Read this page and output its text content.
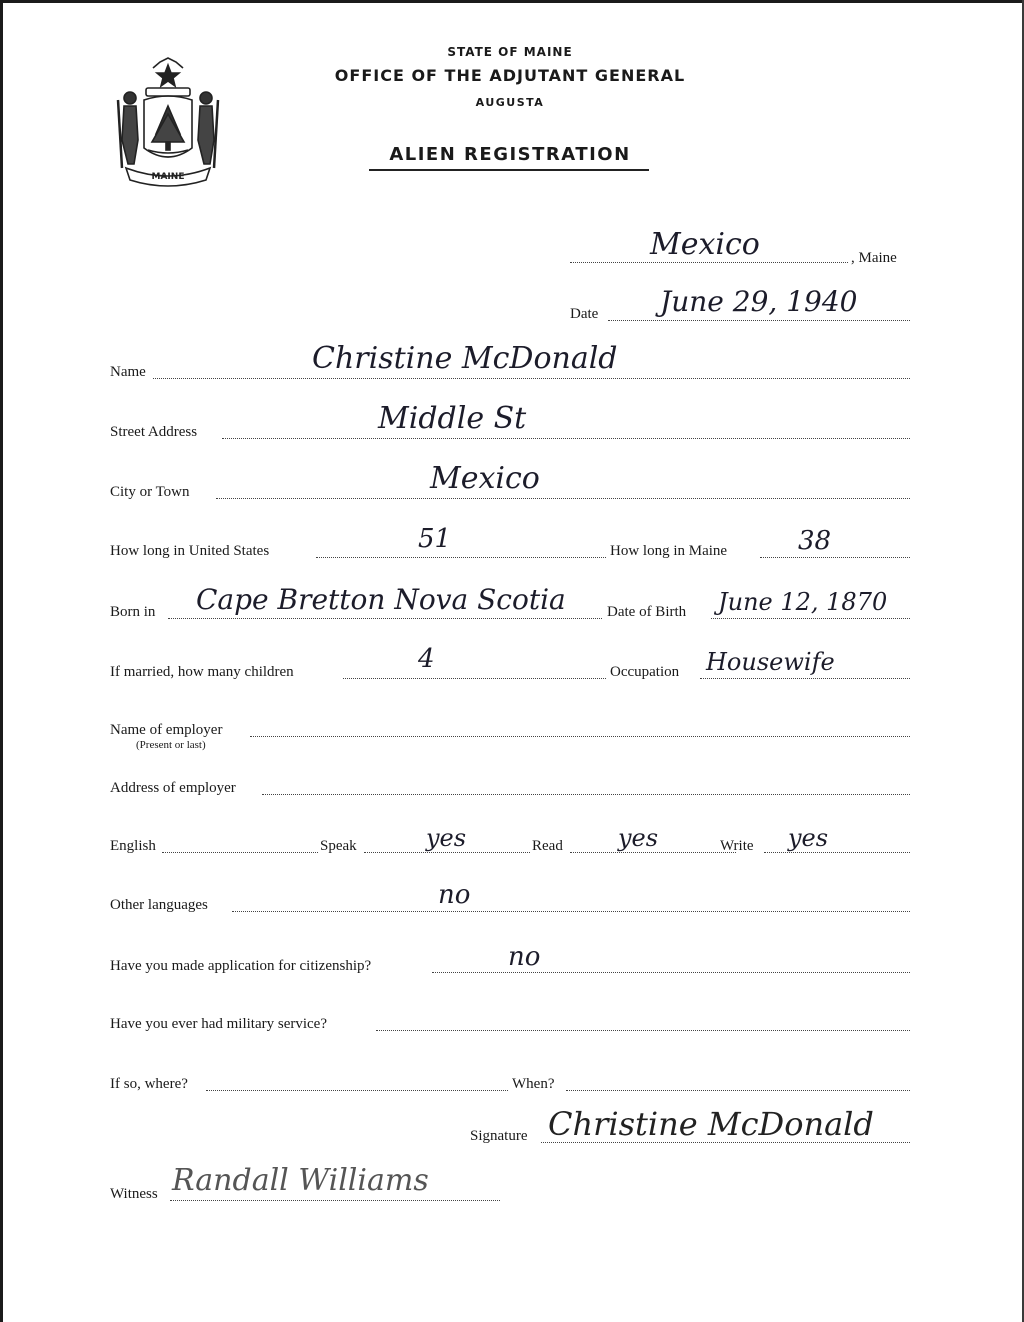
MAINE
STATE OF MAINE
OFFICE OF THE ADJUTANT GENERAL
AUGUSTA
ALIEN REGISTRATION
Mexico	, Maine
Date June 29, 1940
Name	Christine McDonald
Street Address	Middle St
City or Town	Mexico
How long in United States	51	How long in Maine	38
Born in Cape Bretton Nova Scotia	Date of Birth June 12, 1870
If married, how many children	4	Occupation Housewife
Name of employer
(Present or last)
Address of employer
English	Speak	yes	Read yes	Write yes
Other languages	no
Have you made application for citizenship?	no
Have you ever had military service?
If so, where?	When?
Signature Christine McDonald
Witness Randall Williams
